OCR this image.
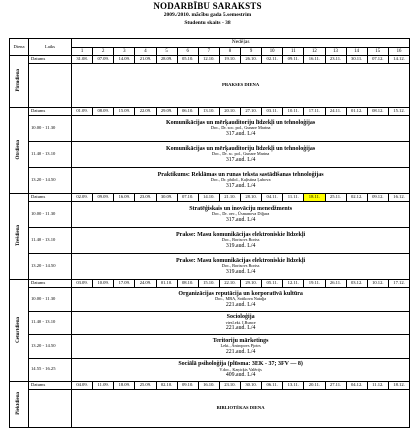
NODARBĪBU SARAKSTS
2009./2010. mācību gada 5.semestrim
Studentu skaits - 38
Diena	Laiks	Nedēļas															
		1	2	3	4	5	6	7	8	9	10	11	12	13	14	15	16
Pirmdiena	Datums	31.08.	07.09.	14.09.	21.09.	28.09.	05.10.	12.10.	19.10.	26.10.	02.11.	09.11.	16.11.	23.11.	30.11.	07.12.	14.12.
		PRAKSES DIENA															
Otrdiena	Datums	01.09.	08.09.	15.09.	22.09.	29.09.	06.10.	13.10.	20.10.	27.10.	03.11.	10.11.	17.11.	24.11.	01.12.	08.12.	15.12.
	10.00 - 11.30	Komunikācijas un mērķauditoriju līdzekļi un tehnoloģijas
Doc., Dr. soc. pol., Gunare Marina
317.aud. L/4															

	11.40 - 13.10	Komunikācijas un mērķauditoriju līdzekļi un tehnoloģijas
Doc., Dr. sc. pol., Gunare Marina
317.aud. L/4															

	13.20 - 14.50	Praktikums: Reklāmas un runas teksta sastādīšanas tehnoloģijas
Doc., Dr. philol., Kaļistina Ļubova
317.aud. L/4															

Trešdiena	Datums	02.09.	09.09.	16.09.	23.09.	30.09.	07.10.	14.10.	21.10.	28.10.	04.11.	11.11.	18.11.	25.11.	02.12.	09.12.	16.12.
	10.00 - 11.30	Stratēģiskais un inovāciju menedžments
Doc., Dr. oec., Ūsmanova Diļjara
317.aud. L/4															

	11.40 - 13.10	Prakse: Masu komunikācijas elektroniskie līdzekļi
Doc., Borisovs Boriss
319.aud. L/4															

	13.20 - 14.50	Prakse: Masu komunikācijas elektroniskie līdzekļi
Doc., Borisovs Boriss
319.aud. L/4															

Ceturtdiena	Datums	03.09.	10.09.	17.09.	24.09.	01.10.	08.10.	15.10.	22.10.	29.10.	05.11.	12.11.	19.11.	26.11.	03.12.	10.12.	17.12.
	10.00 - 11.30	Organizācijas reputācija un korporatīvā kultūra
Doc., MBA, Sotikova Nataļja
221.aud. L/4															

	11.40 - 13.10	Socioloģija
viesl.ekt. I.Runce
221.aud. L/4															

	13.20 - 14.50	Teritoriju mārketings
Lekt., Antropovs Pjotrs
221.aud. L/4															

	14.55 - 16.25	Sociālā psiholoģija (plūsma: 3EK - 37; 3FV — 8)
V.doc., Kaņickis Valērijs
409.aud. L/4															

Piektdiena	Datums	04.09.	11.09.	18.09.	25.09.	02.10.	09.10.	16.10.	23.10.	30.10.	06.11.	13.11.	20.11.	27.11.	04.12.	11.12.	18.12.
		BIBLIOTĒKAS DIENA															
